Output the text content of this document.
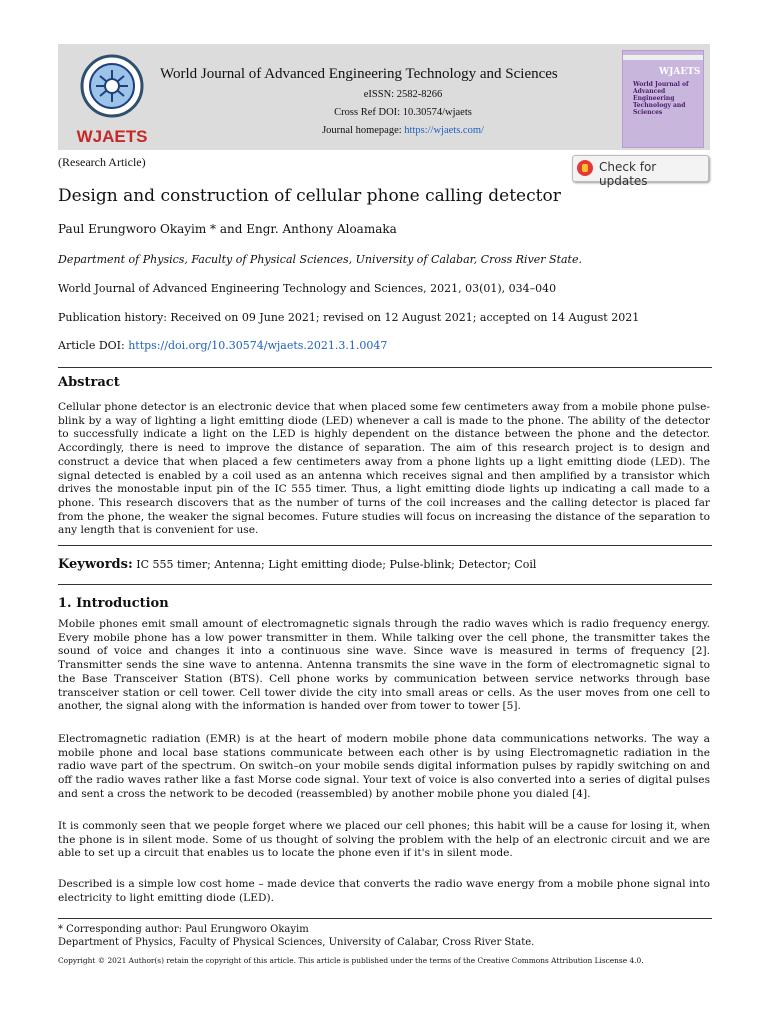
WJAETS
World Journal of Advanced Engineering Technology and Sciences
eISSN: 2582-8266
Cross Ref DOI: 10.30574/wjaets
Journal homepage: https://wjaets.com/
WJAETS
World Journal of Advanced Engineering Technology and Sciences
(Research Article)	Check for updates
Design and construction of cellular phone calling detector
Paul Erungworo Okayim * and Engr. Anthony Aloamaka
Department of Physics, Faculty of Physical Sciences, University of Calabar, Cross River State.
World Journal of Advanced Engineering Technology and Sciences, 2021, 03(01), 034–040
Publication history: Received on 09 June 2021; revised on 12 August 2021; accepted on 14 August 2021
Article DOI: https://doi.org/10.30574/wjaets.2021.3.1.0047
Abstract
Cellular phone detector is an electronic device that when placed some few centimeters away from a mobile phone pulse-blink by a way of lighting a light emitting diode (LED) whenever a call is made to the phone. The ability of the detector to successfully indicate a light on the LED is highly dependent on the distance between the phone and the detector. Accordingly, there is need to improve the distance of separation. The aim of this research project is to design and construct a device that when placed a few centimeters away from a phone lights up a light emitting diode (LED). The signal detected is enabled by a coil used as an antenna which receives signal and then amplified by a transistor which drives the monostable input pin of the IC 555 timer. Thus, a light emitting diode lights up indicating a call made to a phone. This research discovers that as the number of turns of the coil increases and the calling detector is placed far from the phone, the weaker the signal becomes. Future studies will focus on increasing the distance of the separation to any length that is convenient for use.
Keywords: IC 555 timer; Antenna; Light emitting diode; Pulse-blink; Detector; Coil
1. Introduction
Mobile phones emit small amount of electromagnetic signals through the radio waves which is radio frequency energy. Every mobile phone has a low power transmitter in them. While talking over the cell phone, the transmitter takes the sound of voice and changes it into a continuous sine wave. Since wave is measured in terms of frequency [2]. Transmitter sends the sine wave to antenna. Antenna transmits the sine wave in the form of electromagnetic signal to the Base Transceiver Station (BTS). Cell phone works by communication between service networks through base transceiver station or cell tower. Cell tower divide the city into small areas or cells. As the user moves from one cell to another, the signal along with the information is handed over from tower to tower [5].
Electromagnetic radiation (EMR) is at the heart of modern mobile phone data communications networks. The way a mobile phone and local base stations communicate between each other is by using Electromagnetic radiation in the radio wave part of the spectrum. On switch–on your mobile sends digital information pulses by rapidly switching on and off the radio waves rather like a fast Morse code signal. Your text of voice is also converted into a series of digital pulses and sent a cross the network to be decoded (reassembled) by another mobile phone you dialed [4].
It is commonly seen that we people forget where we placed our cell phones; this habit will be a cause for losing it, when the phone is in silent mode. Some of us thought of solving the problem with the help of an electronic circuit and we are able to set up a circuit that enables us to locate the phone even if it's in silent mode.
Described is a simple low cost home – made device that converts the radio wave energy from a mobile phone signal into electricity to light emitting diode (LED).
* Corresponding author: Paul Erungworo Okayim
Department of Physics, Faculty of Physical Sciences, University of Calabar, Cross River State.
Copyright © 2021 Author(s) retain the copyright of this article. This article is published under the terms of the Creative Commons Attribution Liscense 4.0.
